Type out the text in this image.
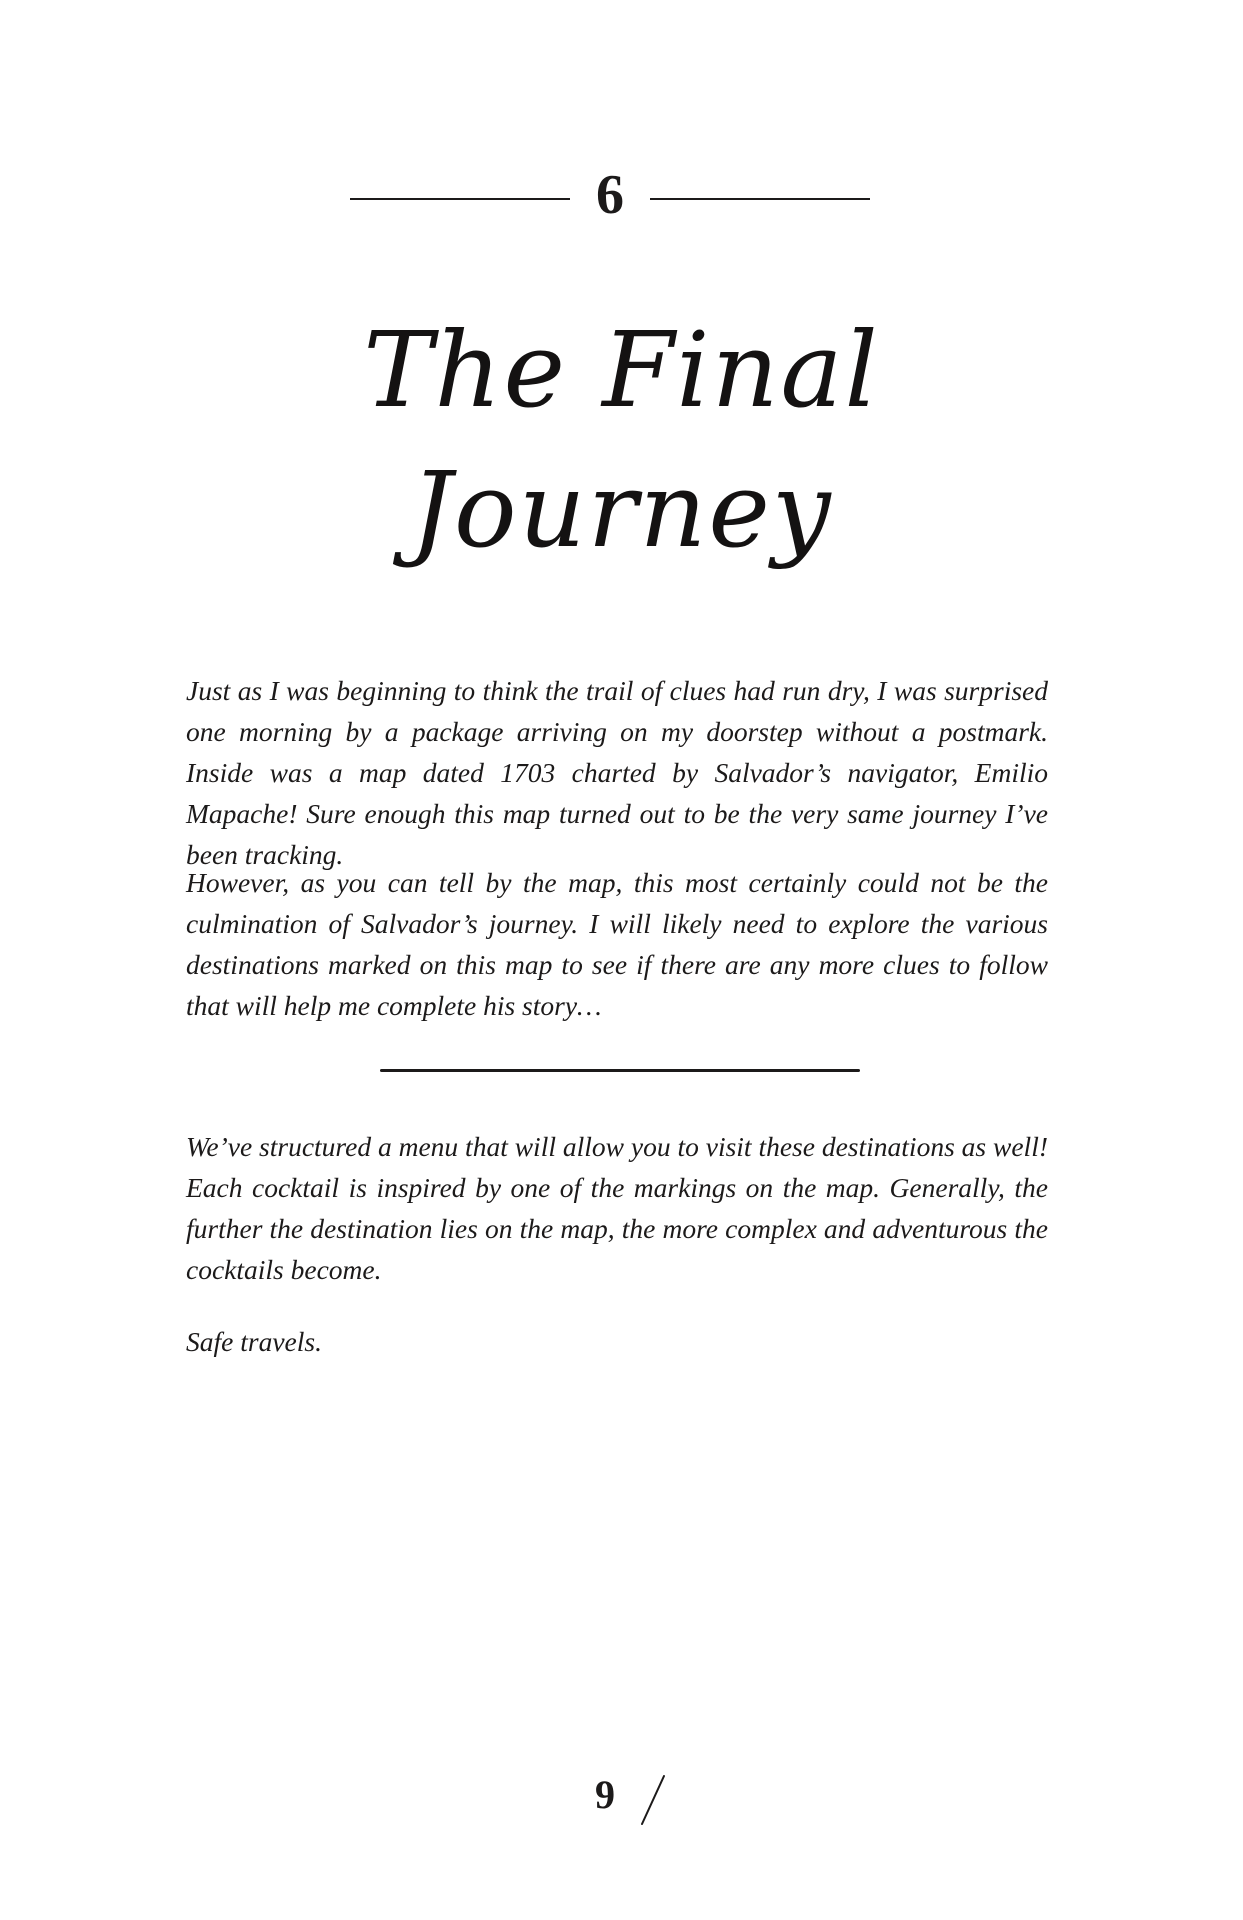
6
The Final
Journey

Just as I was beginning to think the trail of clues had run dry, I was surprised one morning by a package arriving on my doorstep without a postmark. Inside was a map dated 1703 charted by Salvador’s navigator, Emilio Mapache! Sure enough this map turned out to be the very same journey I’ve been tracking.

However, as you can tell by the map, this most certainly could not be the culmination of Salvador’s journey. I will likely need to explore the various destinations marked on this map to see if there are any more clues to follow that will help me complete his story…

We’ve structured a menu that will allow you to visit these destinations as well! Each cocktail is inspired by one of the markings on the map. Generally, the further the destination lies on the map, the more complex and adventurous the cocktails become.

Safe travels.

9
